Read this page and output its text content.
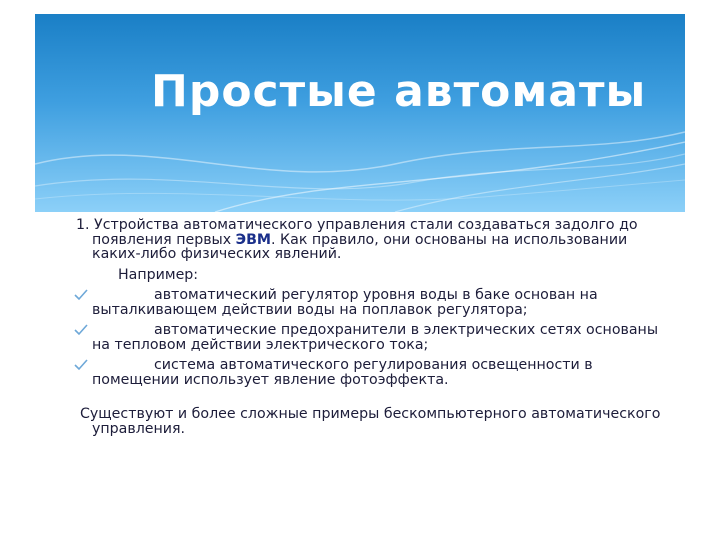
Простые автоматы

1. Устройства автоматического управления стали создаваться задолго до появления первых ЭВМ. Как правило, они основаны на использовании каких-либо физических явлений.

Например:

автоматический регулятор уровня воды в баке основан на выталкивающем действии воды на поплавок регулятора;
автоматические предохранители в электрических сетях основаны на тепловом действии электрического тока;
система автоматического регулирования освещенности в помещении использует явление фотоэффекта.

Существуют и более сложные примеры бескомпьютерного автоматического управления.
